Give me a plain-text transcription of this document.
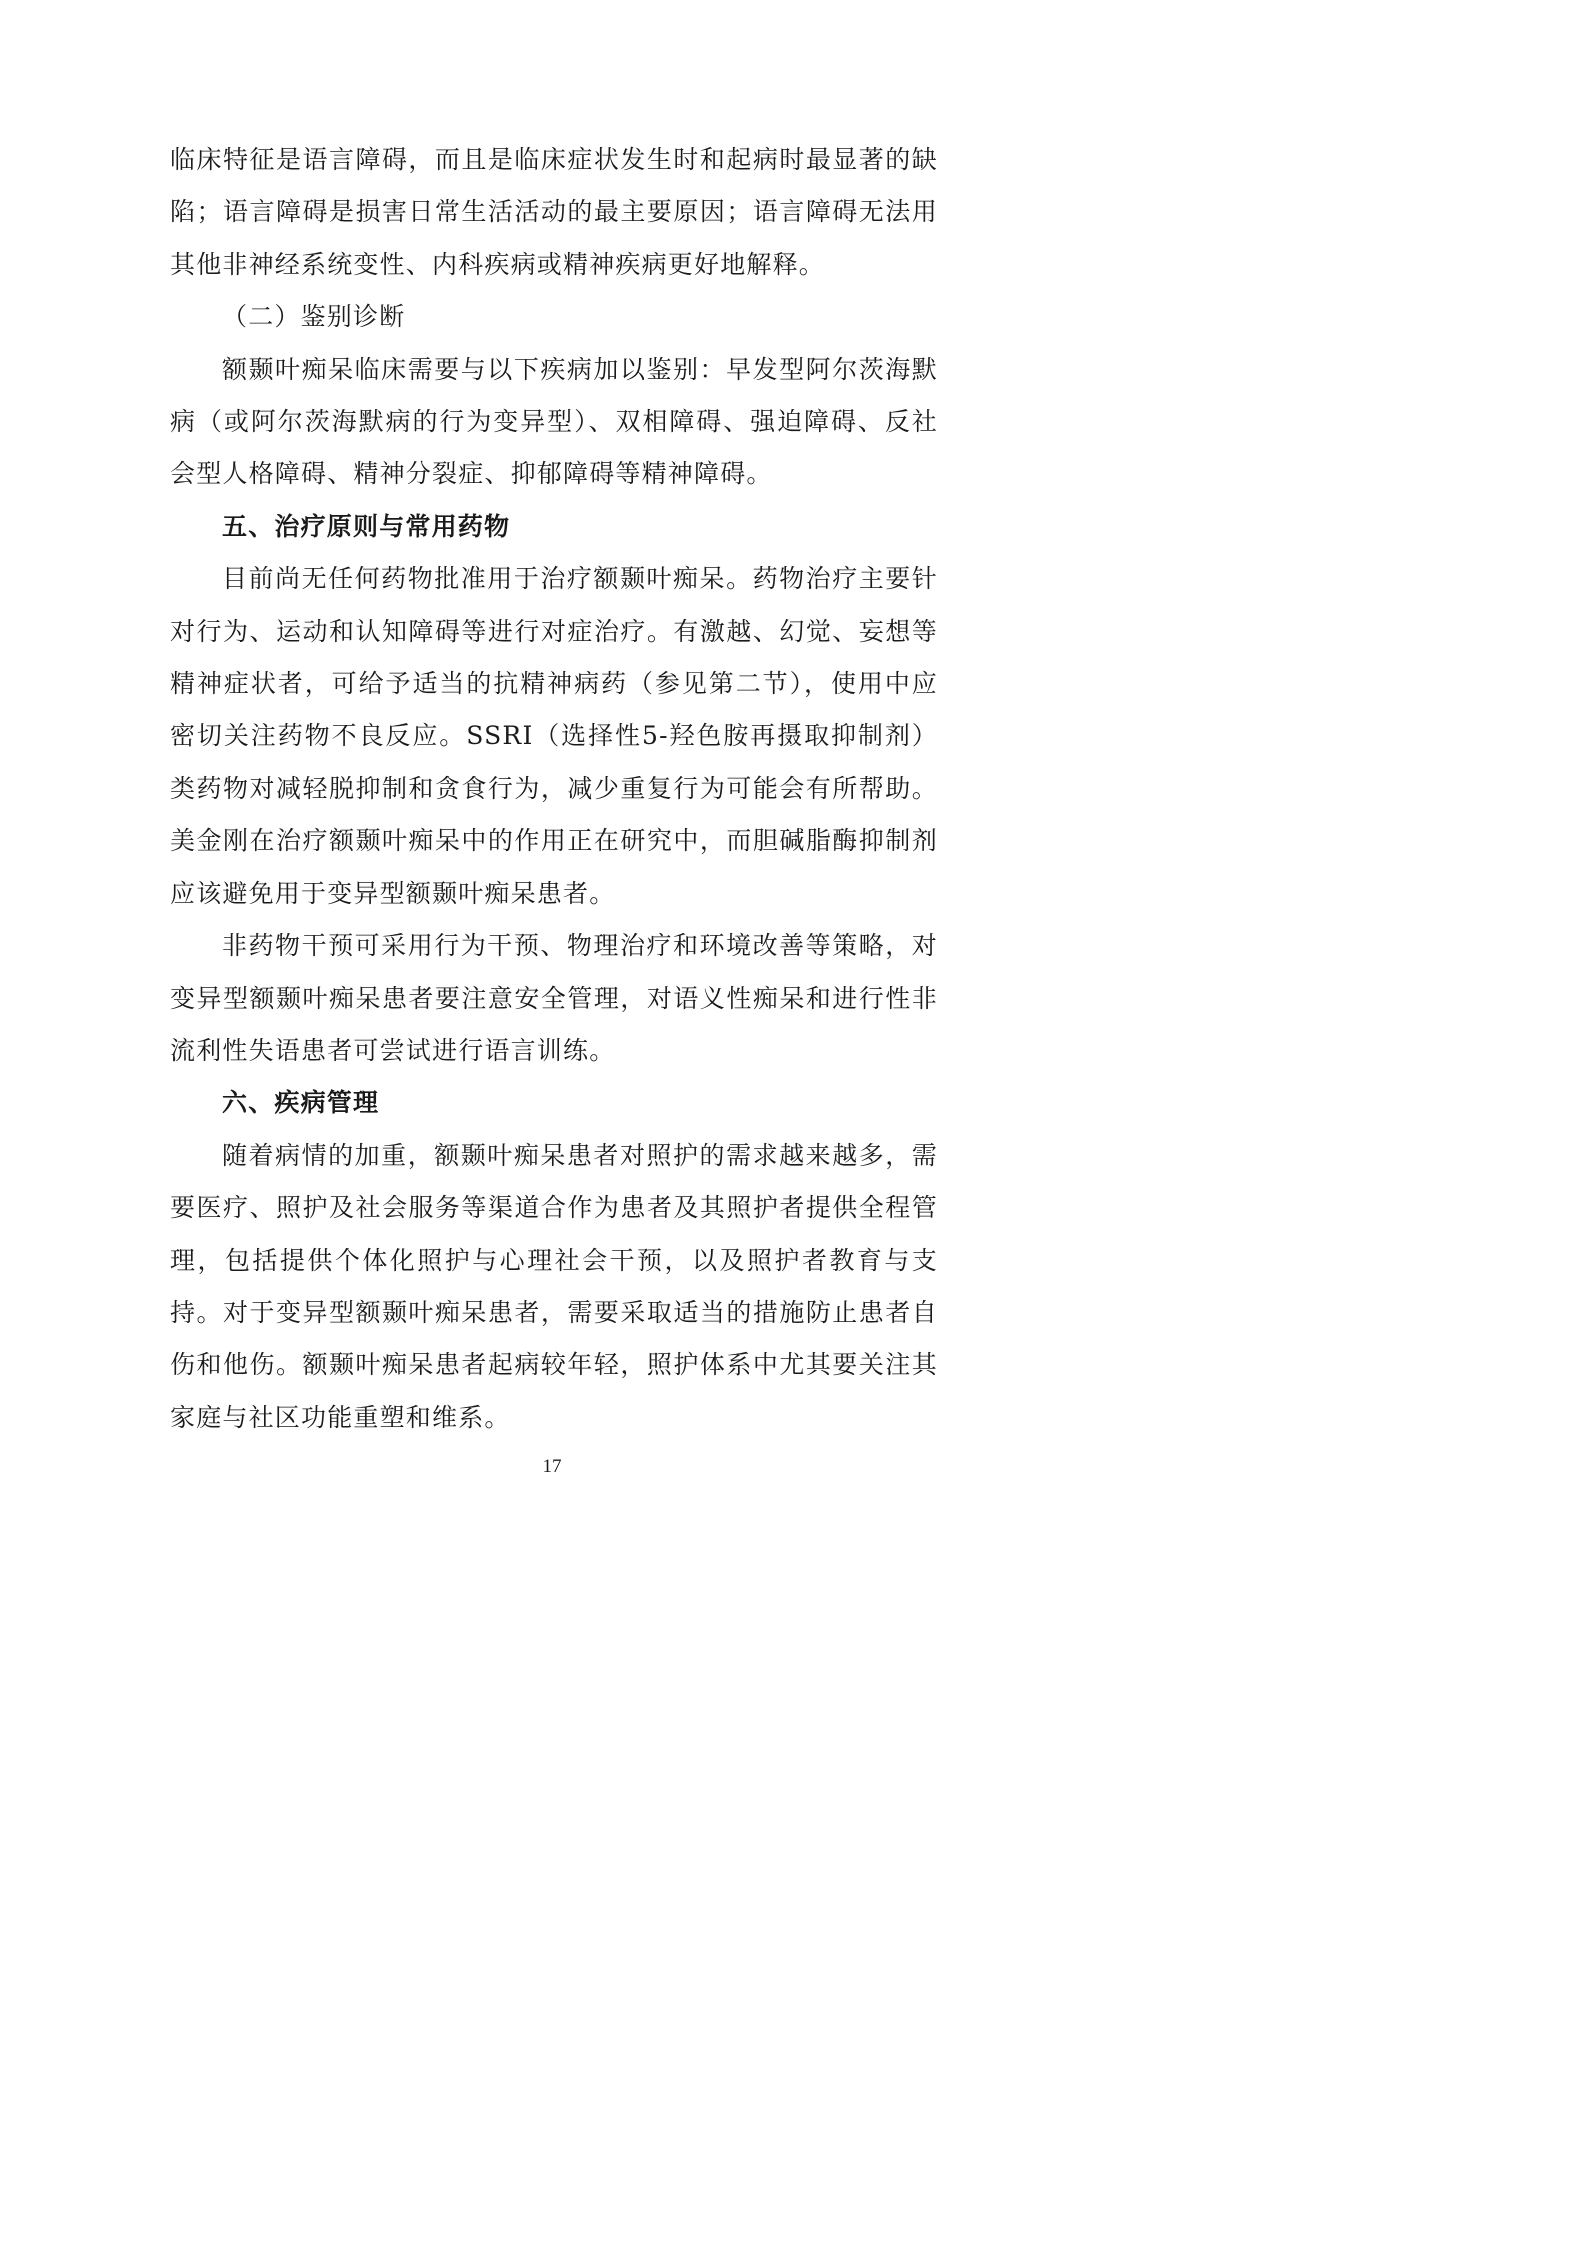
临床特征是语言障碍，而且是临床症状发生时和起病时最显著的缺陷；语言障碍是损害日常生活活动的最主要原因；语言障碍无法用其他非神经系统变性、内科疾病或精神疾病更好地解释。

（二）鉴别诊断

额颞叶痴呆临床需要与以下疾病加以鉴别：早发型阿尔茨海默病（或阿尔茨海默病的行为变异型）、双相障碍、强迫障碍、反社会型人格障碍、精神分裂症、抑郁障碍等精神障碍。

五、治疗原则与常用药物

目前尚无任何药物批准用于治疗额颞叶痴呆。药物治疗主要针对行为、运动和认知障碍等进行对症治疗。有激越、幻觉、妄想等精神症状者，可给予适当的抗精神病药（参见第二节），使用中应密切关注药物不良反应。SSRI（选择性5-羟色胺再摄取抑制剂）类药物对减轻脱抑制和贪食行为，减少重复行为可能会有所帮助。美金刚在治疗额颞叶痴呆中的作用正在研究中，而胆碱脂酶抑制剂应该避免用于变异型额颞叶痴呆患者。

非药物干预可采用行为干预、物理治疗和环境改善等策略，对变异型额颞叶痴呆患者要注意安全管理，对语义性痴呆和进行性非流利性失语患者可尝试进行语言训练。

六、疾病管理

随着病情的加重，额颞叶痴呆患者对照护的需求越来越多，需要医疗、照护及社会服务等渠道合作为患者及其照护者提供全程管理，包括提供个体化照护与心理社会干预，以及照护者教育与支持。对于变异型额颞叶痴呆患者，需要采取适当的措施防止患者自伤和他伤。额颞叶痴呆患者起病较年轻，照护体系中尤其要关注其家庭与社区功能重塑和维系。

17
